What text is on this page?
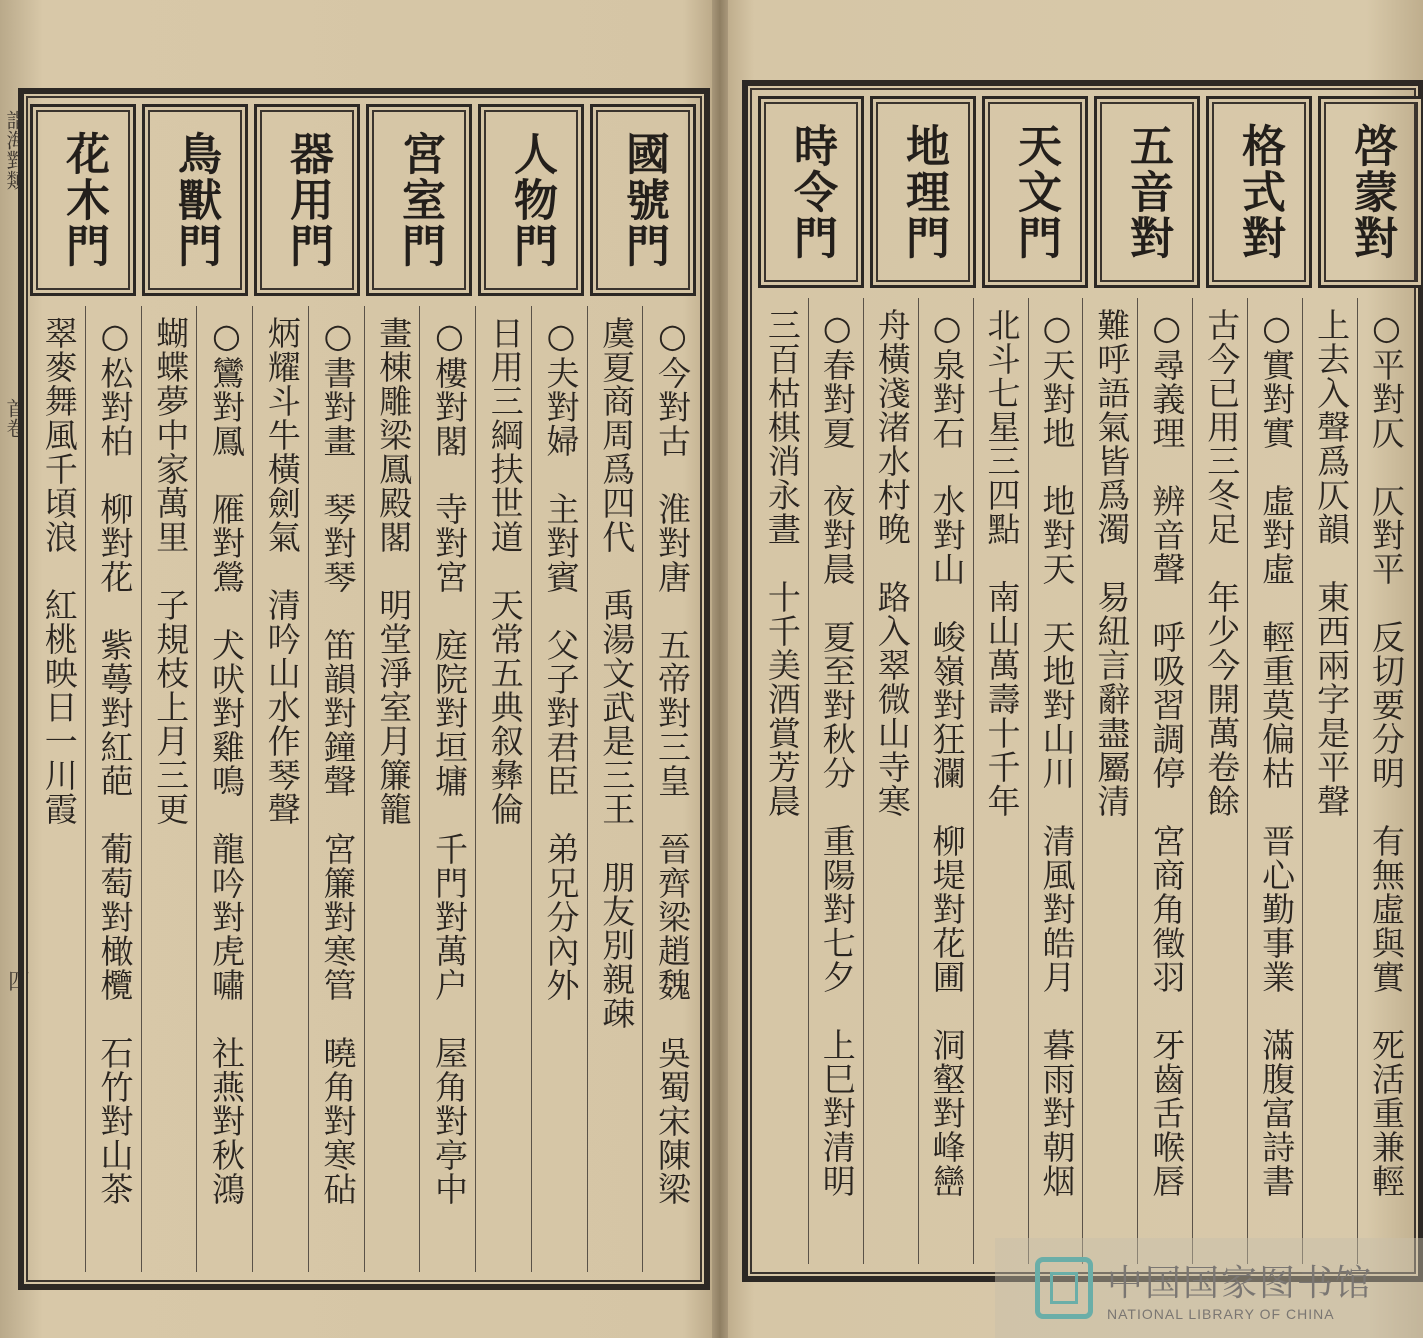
詣海對類
首卷
四
國號門
人物門
宮室門
器用門
鳥獸門
花木門
○今對古　淮對唐　五帝對三皇　晉齊梁趙魏　吳蜀宋陳梁
虞夏商周爲四代　禹湯文武是三王　朋友別親疎
○夫對婦　主對賓　父子對君臣　弟兄分內外
日用三綱扶世道　天常五典叙彝倫
○樓對閣　寺對宮　庭院對垣墉　千門對萬户　屋角對亭中
畫棟雕梁鳳殿閣　明堂淨室月簾籠
○書對畫　琴對琴　笛韻對鐘聲　宮簾對寒管　曉角對寒砧
炳耀斗牛橫劍氣　清吟山水作琴聲
○鸞對鳳　雁對鶯　犬吠對雞鳴　龍吟對虎嘯　社燕對秋鴻
蝴蝶夢中家萬里　子規枝上月三更
○松對柏　柳對花　紫蕚對紅葩　葡萄對橄欖　石竹對山茶
翠麥舞風千頃浪　紅桃映日一川霞
啓蒙對
格式對
五音對
天文門
地理門
時令門
○平對仄　仄對平　反切要分明　有無虛與實　死活重兼輕
上去入聲爲仄韻　東西兩字是平聲
○實對實　虛對虛　輕重莫偏枯　晋心勤事業　滿腹富詩書
古今已用三冬足　年少今開萬卷餘
○尋義理　辨音聲　呼吸習調停　宮商角徵羽　牙齒舌喉唇
難呼語氣皆爲濁　易紐言辭盡屬清
○天對地　地對天　天地對山川　清風對皓月　暮雨對朝烟
北斗七星三四點　南山萬壽十千年
○泉對石　水對山　峻嶺對狂瀾　柳堤對花圃　洞壑對峰巒
舟橫淺渚水村晚　路入翠微山寺寒
○春對夏　夜對晨　夏至對秋分　重陽對七夕　上巳對清明
三百枯棋消永晝　十千美酒賞芳晨
中国国家图书馆
NATIONAL LIBRARY OF CHINA
